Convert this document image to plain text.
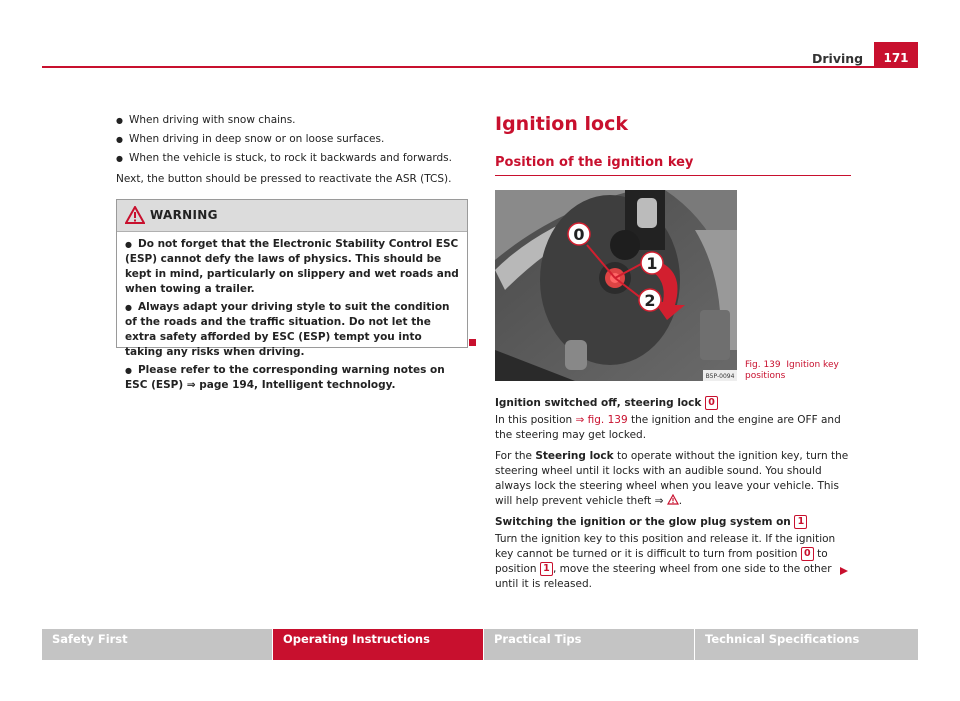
Driving	171
● When driving with snow chains.
● When driving in deep snow or on loose surfaces.
● When the vehicle is stuck, to rock it backwards and forwards.

Next, the button should be pressed to reactivate the ASR (TCS).

WARNING
● Do not forget that the Electronic Stability Control ESC (ESP) cannot defy the laws of physics. This should be kept in mind, particularly on slippery and wet roads and when towing a trailer.
● Always adapt your driving style to suit the condition of the roads and the traffic situation. Do not let the extra safety afforded by ESC (ESP) tempt you into taking any risks when driving.
● Please refer to the corresponding warning notes on ESC (ESP) ⇒ page 194, Intelligent technology.
Ignition lock
Position of the ignition key
0
1
2
B5P-0094
Fig. 139 Ignition key positions

Ignition switched off, steering lock 0

In this position ⇒ fig. 139 the ignition and the engine are OFF and the steering may get locked.

For the Steering lock to operate without the ignition key, turn the steering wheel until it locks with an audible sound. You should always lock the steering wheel when you leave your vehicle. This will help prevent vehicle theft ⇒ .

Switching the ignition or the glow plug system on 1

Turn the ignition key to this position and release it. If the ignition key cannot be turned or it is difficult to turn from position 0 to position 1 , move the steering wheel from one side to the other until it is released.

Safety First	Operating Instructions	Practical Tips	Technical Specifications
